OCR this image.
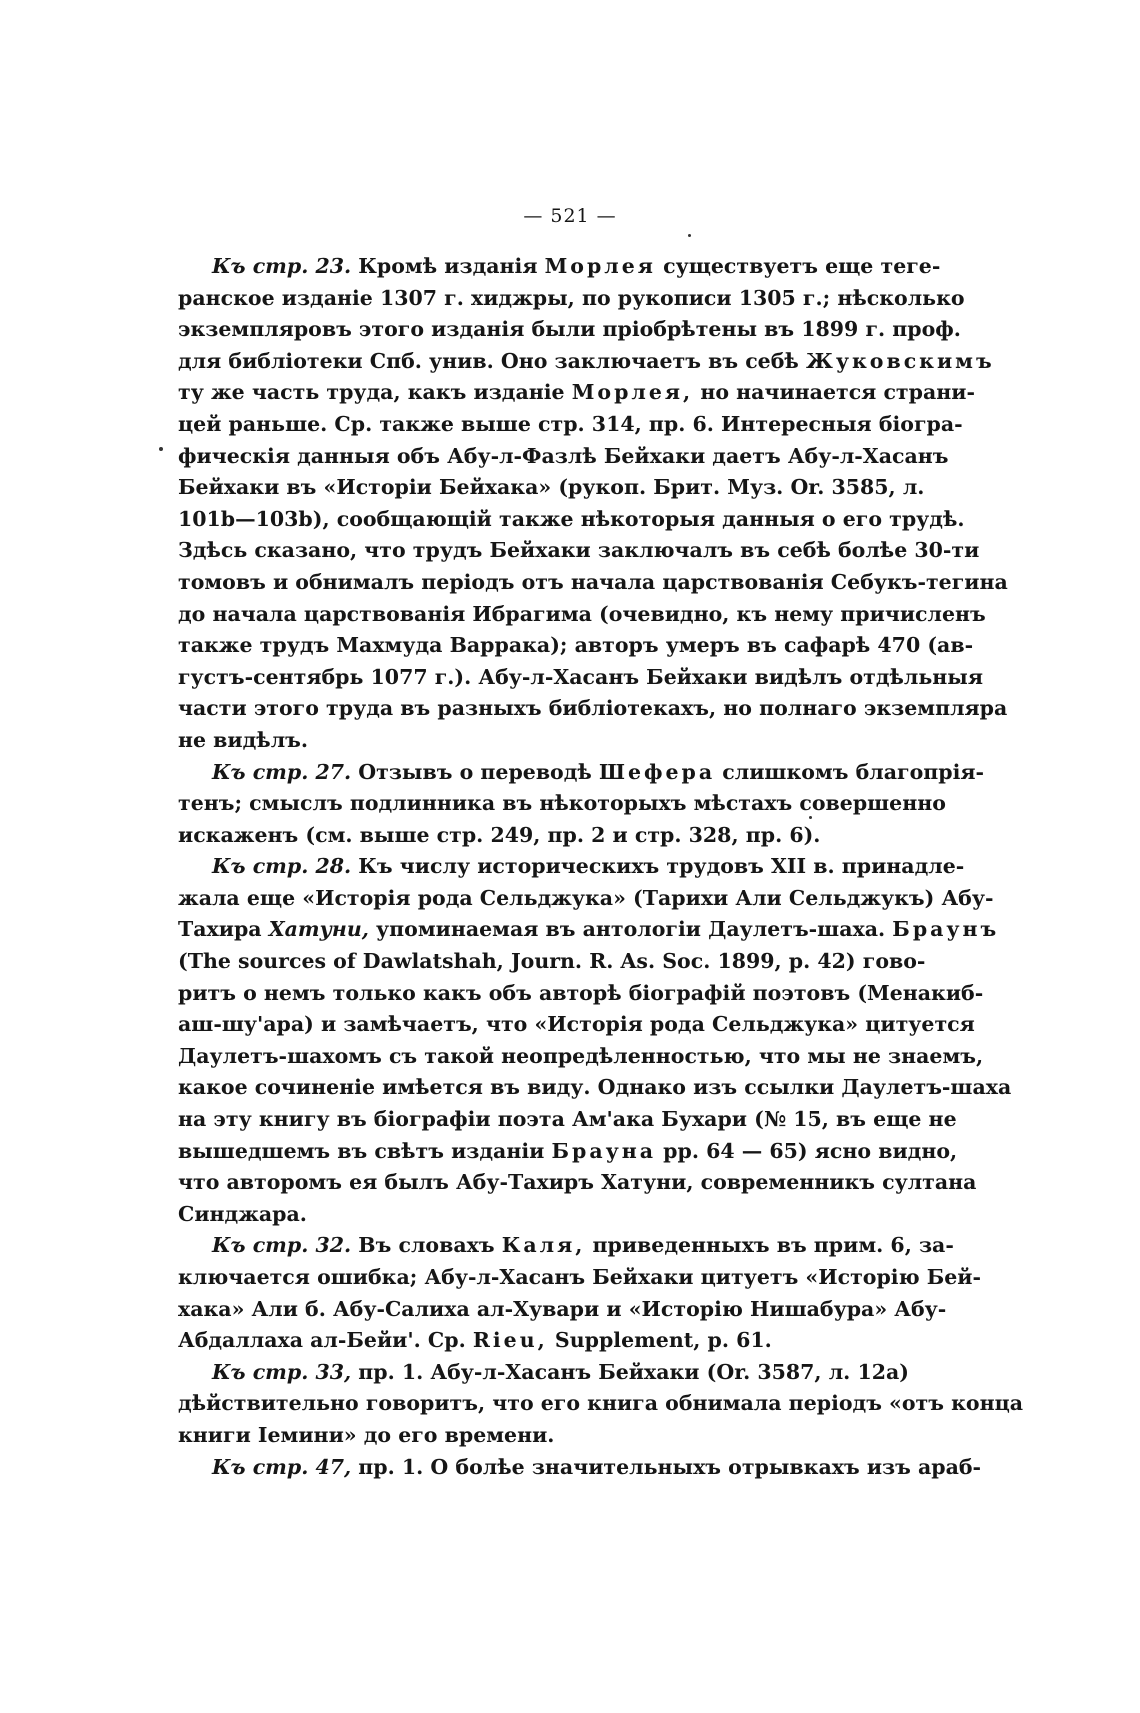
— 521 —
Къ стр. 23. Кромѣ изданія Морлея существуетъ еще теге-
ранское изданіе 1307 г. хиджры, по рукописи 1305 г.; нѣсколько
экземпляровъ этого изданія были пріобрѣтены въ 1899 г. проф.
для библіотеки Спб. унив. Оно заключаетъ въ себѣ Жуковскимъ
ту же часть труда, какъ изданіе Морлея, но начинается страни-
цей раньше. Ср. также выше стр. 314, пр. 6. Интересныя біогра-
фическія данныя объ Абу-л-Фазлѣ Бейхаки даетъ Абу-л-Хасанъ
Бейхаки въ «Исторіи Бейхака» (рукоп. Брит. Муз. Or. 3585, л.
101b—103b), сообщающій также нѣкоторыя данныя о его трудѣ.
Здѣсь сказано, что трудъ Бейхаки заключалъ въ себѣ болѣе 30-ти
томовъ и обнималъ періодъ отъ начала царствованія Себукъ-тегина
до начала царствованія Ибрагима (очевидно, къ нему причисленъ
также трудъ Махмуда Варрака); авторъ умеръ въ сафарѣ 470 (ав-
густъ-сентябрь 1077 г.). Абу-л-Хасанъ Бейхаки видѣлъ отдѣльныя
части этого труда въ разныхъ библіотекахъ, но полнаго экземпляра
не видѣлъ.
Къ стр. 27. Отзывъ о переводѣ Шефера слишкомъ благопрія-
тенъ; смыслъ подлинника въ нѣкоторыхъ мѣстахъ совершенно
искаженъ (см. выше стр. 249, пр. 2 и стр. 328, пр. 6).
Къ стр. 28. Къ числу историческихъ трудовъ XII в. принадле-
жала еще «Исторія рода Сельджука» (Тарихи Али Сельджукъ) Абу-
Тахира Хатуни, упоминаемая въ антологіи Даулетъ-шаха. Браунъ
(The sources of Dawlatshah, Journ. R. As. Soc. 1899, p. 42) гово-
ритъ о немъ только какъ объ авторѣ біографій поэтовъ (Менакиб-
аш-шу'ара) и замѣчаетъ, что «Исторія рода Сельджука» цитуется
Даулетъ-шахомъ съ такой неопредѣленностью, что мы не знаемъ,
какое сочиненіе имѣется въ виду. Однако изъ ссылки Даулетъ-шаха
на эту книгу въ біографіи поэта Ам'ака Бухари (№ 15, въ еще не
вышедшемъ въ свѣтъ изданіи Брауна pp. 64 — 65) ясно видно,
что авторомъ ея былъ Абу-Тахиръ Хатуни, современникъ султана
Синджара.
Къ стр. 32. Въ словахъ Каля, приведенныхъ въ прим. 6, за-
ключается ошибка; Абу-л-Хасанъ Бейхаки цитуетъ «Исторію Бей-
хака» Али б. Абу-Салиха ал-Хувари и «Исторію Нишабура» Абу-
Абдаллаха ал-Бейи'. Ср. Rieu, Supplement, p. 61.
Къ стр. 33, пр. 1. Абу-л-Хасанъ Бейхаки (Or. 3587, л. 12a)
дѣйствительно говоритъ, что его книга обнимала періодъ «отъ конца
книги Іемини» до его времени.
Къ стр. 47, пр. 1. О болѣе значительныхъ отрывкахъ изъ араб-
